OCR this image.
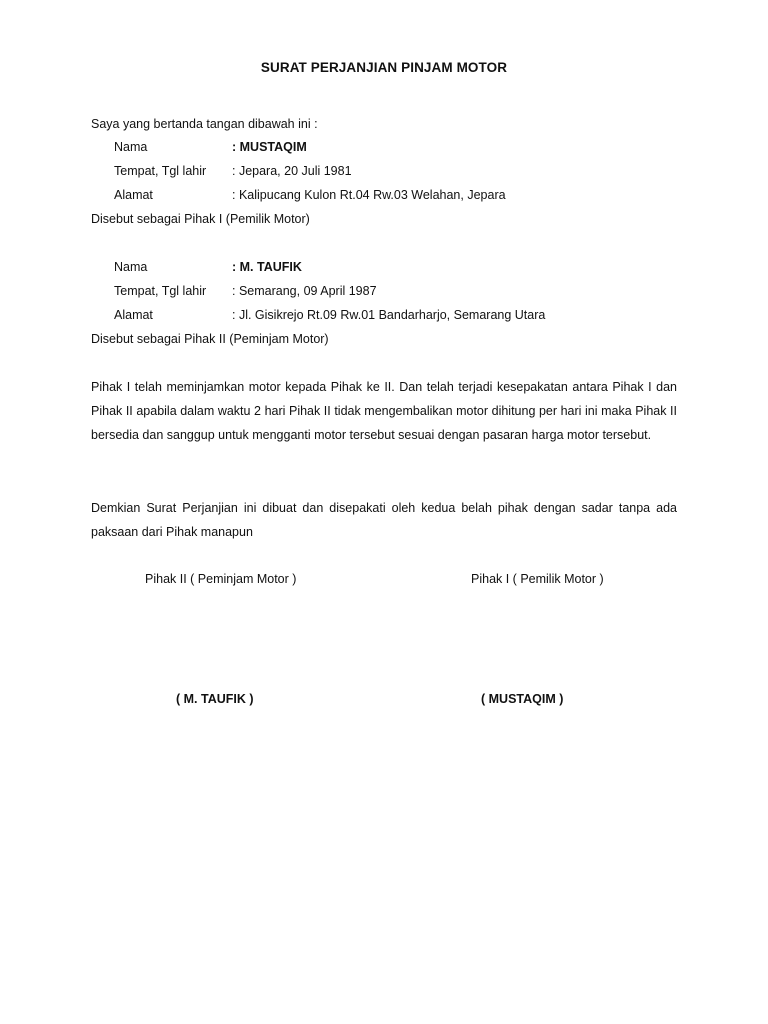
SURAT PERJANJIAN PINJAM MOTOR
Saya yang bertanda tangan dibawah ini :
Nama	: MUSTAQIM
Tempat, Tgl lahir : Jepara, 20 Juli 1981
Alamat	: Kalipucang Kulon Rt.04 Rw.03 Welahan, Jepara
Disebut sebagai Pihak I (Pemilik Motor)
Nama	: M. TAUFIK
Tempat, Tgl lahir : Semarang, 09 April 1987
Alamat	: Jl. Gisikrejo Rt.09 Rw.01 Bandarharjo, Semarang Utara
Disebut sebagai Pihak II (Peminjam Motor)
Pihak I telah meminjamkan motor kepada Pihak ke II. Dan telah terjadi kesepakatan antara Pihak I dan Pihak II apabila dalam waktu 2 hari Pihak II tidak mengembalikan motor dihitung per hari ini maka Pihak II bersedia dan sanggup untuk mengganti motor tersebut sesuai dengan pasaran harga motor tersebut.
Demkian Surat Perjanjian ini dibuat dan disepakati oleh kedua belah pihak dengan sadar tanpa ada paksaan dari Pihak manapun
Pihak II ( Peminjam Motor )	Pihak I ( Pemilik Motor )
( M. TAUFIK )	( MUSTAQIM )
